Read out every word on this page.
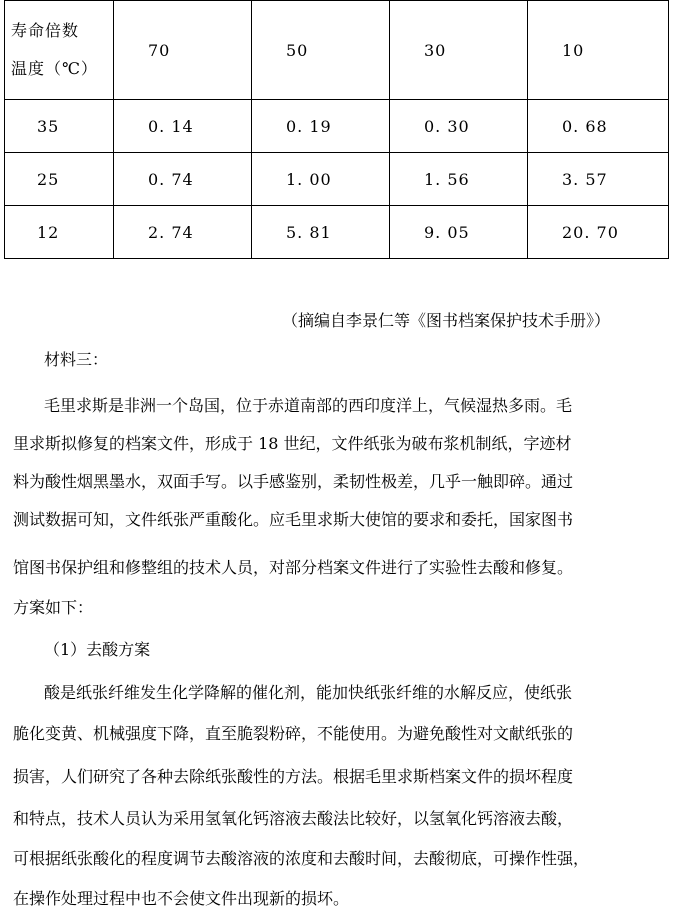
寿命倍数
温度（℃）	70	50	30	10
35	0. 14	0. 19	0. 30	0. 68
25	0. 74	1. 00	1. 56	3. 57
12	2. 74	5. 81	9. 05	20. 70

（摘编自李景仁等《图书档案保护技术手册》）

材料三：

毛里求斯是非洲一个岛国，位于赤道南部的西印度洋上，气候湿热多雨。毛

里求斯拟修复的档案文件，形成于 18 世纪，文件纸张为破布浆机制纸，字迹材

料为酸性烟黑墨水，双面手写。以手感鉴别，柔韧性极差，几乎一触即碎。通过

测试数据可知，文件纸张严重酸化。应毛里求斯大使馆的要求和委托，国家图书

馆图书保护组和修整组的技术人员，对部分档案文件进行了实验性去酸和修复。

方案如下：

（1）去酸方案

酸是纸张纤维发生化学降解的催化剂，能加快纸张纤维的水解反应，使纸张

脆化变黄、机械强度下降，直至脆裂粉碎，不能使用。为避免酸性对文献纸张的

损害，人们研究了各种去除纸张酸性的方法。根据毛里求斯档案文件的损坏程度

和特点，技术人员认为采用氢氧化钙溶液去酸法比较好，以氢氧化钙溶液去酸，

可根据纸张酸化的程度调节去酸溶液的浓度和去酸时间，去酸彻底，可操作性强，

在操作处理过程中也不会使文件出现新的损坏。
